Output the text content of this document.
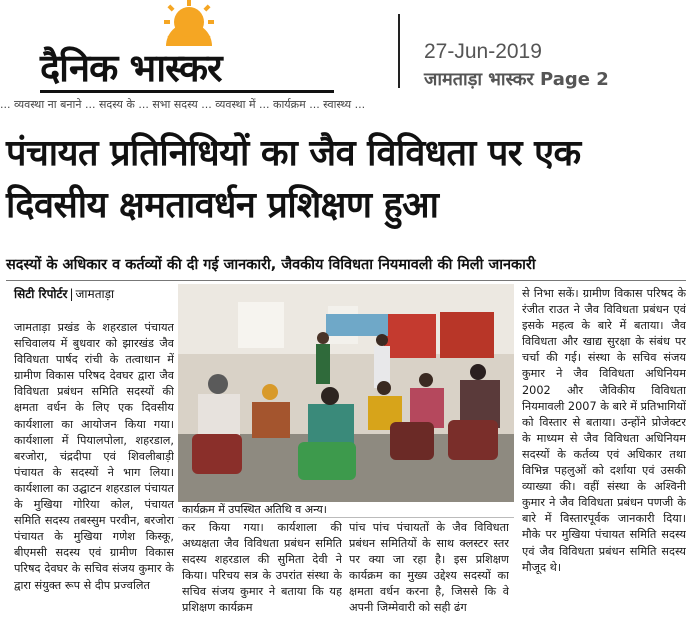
दैनिक भास्कर	27-Jun-2019
जामताड़ा भास्कर Page 2
... व्यवस्था ना बनाने ... सदस्य के ... सभा सदस्य ... व्यवस्था में ... कार्यक्रम ... स्वास्थ्य ...
पंचायत प्रतिनिधियों का जैव विविधता पर एक दिवसीय क्षमतावर्धन प्रशिक्षण हुआ
सदस्यों के अधिकार व कर्तव्यों की दी गई जानकारी, जैवकीय विविधता नियमावली की मिली जानकारी
सिटी रिपोर्टर | जामताड़ा
जामताड़ा प्रखंड के शहरडाल पंचायत सचिवालय में बुधवार को झारखंड जैव विविधता पार्षद रांची के तत्वाधान में ग्रामीण विकास परिषद देवघर द्वारा जैव विविधता प्रबंधन समिति सदस्यों की क्षमता वर्धन के लिए एक दिवसीय कार्यशाला का आयोजन किया गया। कार्यशाला में पियालपोला, शहरडाल, बरजोरा, चंद्रदीपा एवं शिवलीबाड़ी पंचायत के सदस्यों ने भाग लिया। कार्यशाला का उद्घाटन शहरडाल पंचायत के मुखिया गोरिया कोल, पंचायत समिति सदस्य तबस्सुम परवीन, बरजोरा पंचायत के मुखिया गणेश किस्कू, बीएमसी सदस्य एवं ग्रामीण विकास परिषद देवघर के सचिव संजय कुमार के द्वारा संयुक्त रूप से दीप प्रज्वलित
कार्यक्रम में उपस्थित अतिथि व अन्य।
कर किया गया। कार्यशाला की अध्यक्षता जैव विविधता प्रबंधन समिति सदस्य शहरडाल की सुमिता देवी ने किया। परिचय सत्र के उपरांत संस्था के सचिव संजय कुमार ने बताया कि यह प्रशिक्षण कार्यक्रम
पांच पांच पंचायतों के जैव विविधता प्रबंधन समितियों के साथ क्लस्टर स्तर पर क्या जा रहा है। इस प्रशिक्षण कार्यक्रम का मुख्य उद्देश्य सदस्यों का क्षमता वर्धन करना है, जिससे कि वे अपनी जिम्मेवारी को सही ढंग
से निभा सकें। ग्रामीण विकास परिषद के रंजीत राउत ने जैव विविधता प्रबंधन एवं इसके महत्व के बारे में बताया। जैव विविधता और खाद्य सुरक्षा के संबंध पर चर्चा की गई। संस्था के सचिव संजय कुमार ने जैव विविधता अधिनियम 2002 और जैविकीय विविधता नियमावली 2007 के बारे में प्रतिभागियों को विस्तार से बताया। उन्होंने प्रोजेक्टर के माध्यम से जैव विविधता अधिनियम सदस्यों के कर्तव्य एवं अधिकार तथा विभिन्न पहलुओं को दर्शाया एवं उसकी व्याख्या की। वहीं संस्था के अश्विनी कुमार ने जैव विविधता प्रबंधन पणजी के बारे में विस्तारपूर्वक जानकारी दिया। मौके पर मुखिया पंचायत समिति सदस्य एवं जैव विविधता प्रबंधन समिति सदस्य मौजूद थे।
